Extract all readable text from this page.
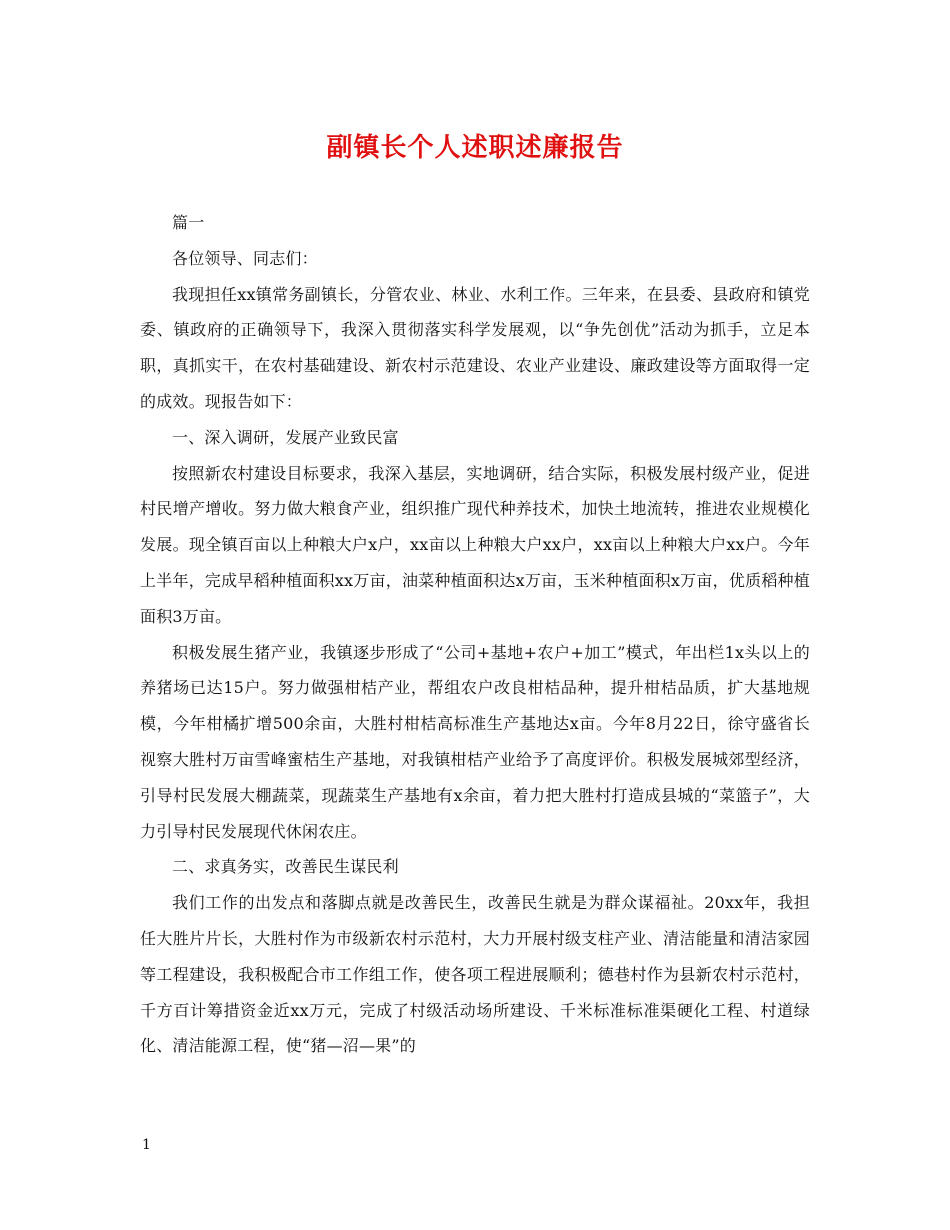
副镇长个人述职述廉报告

篇一

各位领导、同志们：

我现担任xx镇常务副镇长，分管农业、林业、水利工作。三年来，在县委、县政府和镇党委、镇政府的正确领导下，我深入贯彻落实科学发展观，以“争先创优”活动为抓手，立足本职，真抓实干，在农村基础建设、新农村示范建设、农业产业建设、廉政建设等方面取得一定的成效。现报告如下：

一、深入调研，发展产业致民富

按照新农村建设目标要求，我深入基层，实地调研，结合实际，积极发展村级产业，促进村民增产增收。努力做大粮食产业，组织推广现代种养技术，加快土地流转，推进农业规模化发展。现全镇百亩以上种粮大户x户，xx亩以上种粮大户xx户，xx亩以上种粮大户xx户。今年上半年，完成早稻种植面积xx万亩，油菜种植面积达x万亩，玉米种植面积x万亩，优质稻种植面积3万亩。

积极发展生猪产业，我镇逐步形成了“公司+基地+农户+加工”模式，年出栏1x头以上的养猪场已达15户。努力做强柑桔产业，帮组农户改良柑桔品种，提升柑桔品质，扩大基地规模，今年柑橘扩增500余亩，大胜村柑桔高标准生产基地达x亩。今年8月22日，徐守盛省长视察大胜村万亩雪峰蜜桔生产基地，对我镇柑桔产业给予了高度评价。积极发展城郊型经济，引导村民发展大棚蔬菜，现蔬菜生产基地有x余亩，着力把大胜村打造成县城的“菜篮子”，大力引导村民发展现代休闲农庄。

二、求真务实，改善民生谋民利

我们工作的出发点和落脚点就是改善民生，改善民生就是为群众谋福祉。20xx年，我担任大胜片片长，大胜村作为市级新农村示范村，大力开展村级支柱产业、清洁能量和清洁家园等工程建设，我积极配合市工作组工作，使各项工程进展顺利；德巷村作为县新农村示范村，千方百计筹措资金近xx万元，完成了村级活动场所建设、千米标准标准渠硬化工程、村道绿化、清洁能源工程，使“猪—沼—果”的

1
